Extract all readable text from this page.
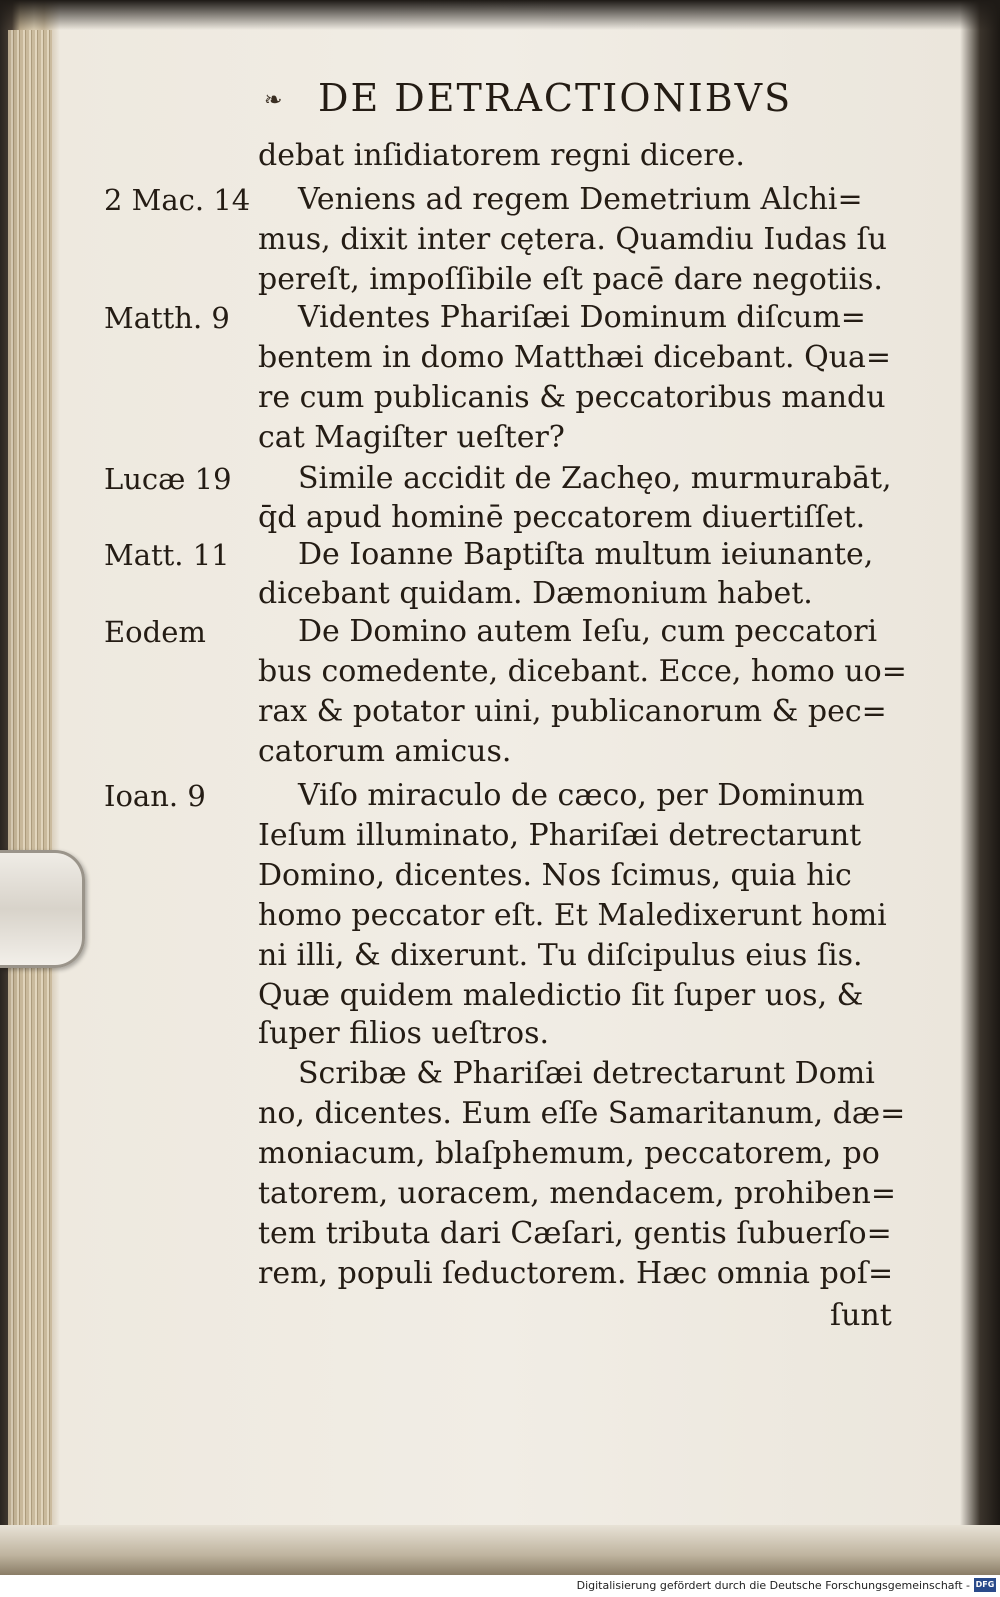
❧ DE DETRACTIONIBVS
2 Mac. 14
Matth. 9
Lucæ 19
Matt. 11
Eodem
Ioan. 9
debat inſidiatorem regni dicere.
Veniens ad regem Demetrium Alchi=
mus, dixit inter cętera. Quamdiu Iudas ſu
pereſt, impoſſibile eſt pacē dare negotiis.
Videntes Phariſæi Dominum diſcum=
bentem in domo Matthæi dicebant. Qua=
re cum publicanis & peccatoribus mandu
cat Magiſter ueſter?
Simile accidit de Zachęo, murmurabāt,
q̄d apud hominē peccatorem diuertiſſet.
De Ioanne Baptiſta multum ieiunante,
dicebant quidam. Dæmonium habet.
De Domino autem Ieſu, cum peccatori
bus comedente, dicebant. Ecce, homo uo=
rax & potator uini, publicanorum & pec=
catorum amicus.
Viſo miraculo de cæco, per Dominum
Ieſum illuminato, Phariſæi detrectarunt
Domino, dicentes. Nos ſcimus, quia hic
homo peccator eſt. Et Maledixerunt homi
ni illi, & dixerunt. Tu diſcipulus eius ſis.
Quæ quidem maledictio ſit ſuper uos, &
ſuper filios ueſtros.
Scribæ & Phariſæi detrectarunt Domi
no, dicentes. Eum eſſe Samaritanum, dæ=
moniacum, blaſphemum, peccatorem, po
tatorem, uoracem, mendacem, prohiben=
tem tributa dari Cæſari, gentis ſubuerſo=
rem, populi ſeductorem. Hæc omnia poſ=
ſunt
Digitalisierung gefördert durch die Deutsche Forschungsgemeinschaft - DFG
